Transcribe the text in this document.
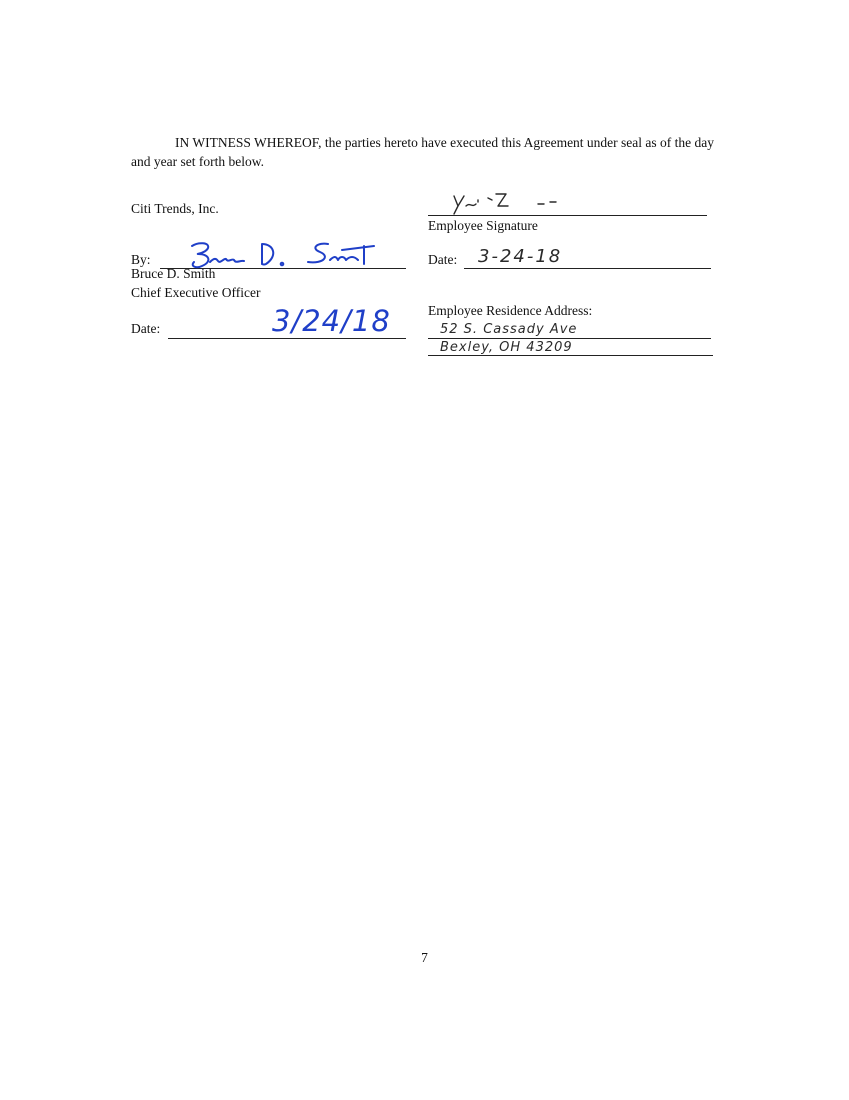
IN WITNESS WHEREOF, the parties hereto have executed this Agreement under seal as of the day and year set forth below.
Citi Trends, Inc.
By:
Bruce D. Smith
Chief Executive Officer
Date:	3/24/18
Employee Signature
Date: 3-24-18
Employee Residence Address:
52 S. Cassady Ave
Bexley, OH 43209
7
